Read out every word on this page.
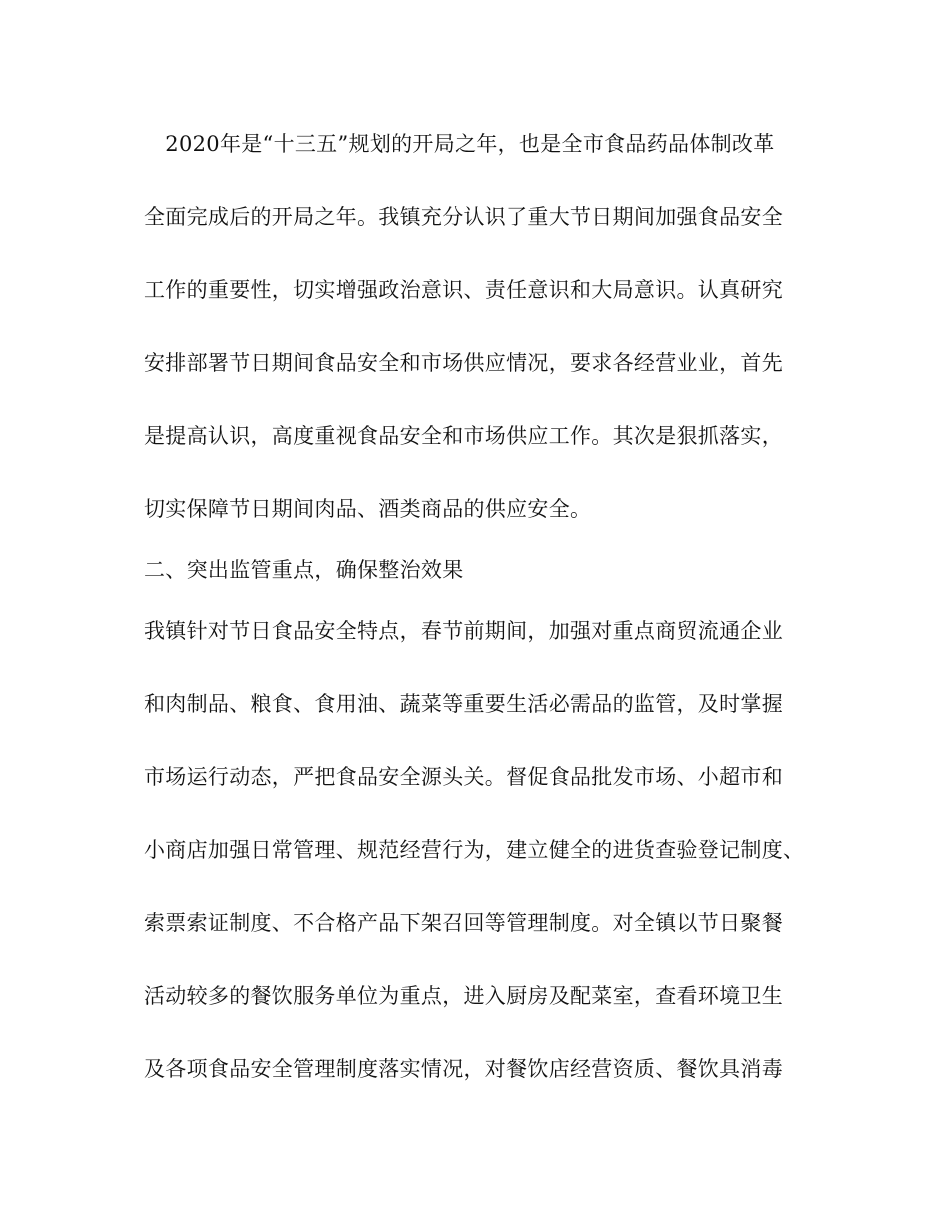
　2020年是“十三五”规划的开局之年，也是全市食品药品体制改革
全面完成后的开局之年。我镇充分认识了重大节日期间加强食品安全
工作的重要性，切实增强政治意识、责任意识和大局意识。认真研究
安排部署节日期间食品安全和市场供应情况，要求各经营业业，首先
是提高认识，高度重视食品安全和市场供应工作。其次是狠抓落实，
切实保障节日期间肉品、酒类商品的供应安全。
二、突出监管重点，确保整治效果
我镇针对节日食品安全特点，春节前期间，加强对重点商贸流通企业
和肉制品、粮食、食用油、蔬菜等重要生活必需品的监管，及时掌握
市场运行动态，严把食品安全源头关。督促食品批发市场、小超市和
小商店加强日常管理、规范经营行为，建立健全的进货查验登记制度、
索票索证制度、不合格产品下架召回等管理制度。对全镇以节日聚餐
活动较多的餐饮服务单位为重点，进入厨房及配菜室，查看环境卫生
及各项食品安全管理制度落实情况，对餐饮店经营资质、餐饮具消毒
